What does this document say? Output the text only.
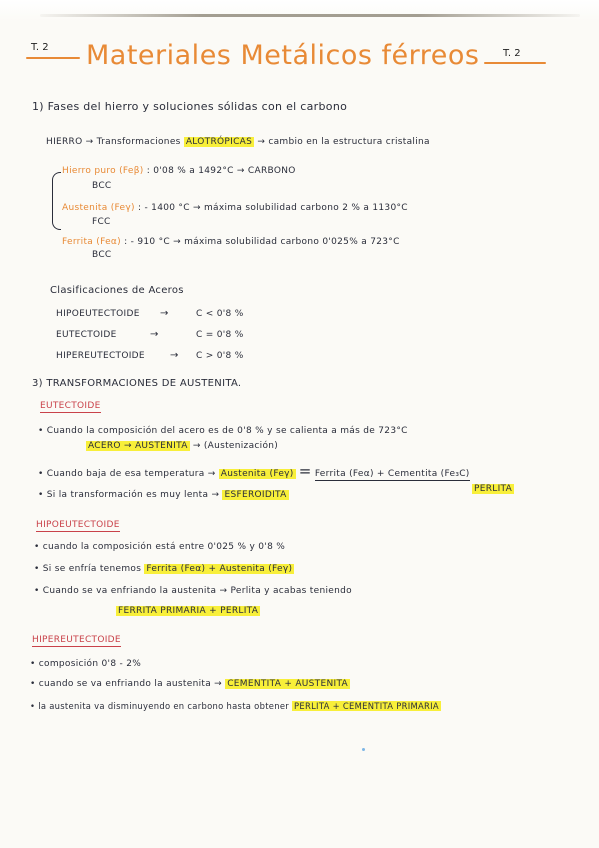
T. 2 Materiales Metálicos férreos T. 2
1) Fases del hierro y soluciones sólidas con el carbono
HIERRO → Transformaciones ALOTRÓPICAS → cambio en la estructura cristalina
Hierro puro (Feβ) : 0'08 % a 1492°C → CARBONO
BCC
Austenita (Feγ) : - 1400 °C → máxima solubilidad carbono 2 % a 1130°C
FCC
Ferrita (Feα) : - 910 °C → máxima solubilidad carbono 0'025% a 723°C
BCC
Clasificaciones de Aceros
HIPOEUTECTOIDE →	C < 0'8 %
EUTECTOIDE	→	C = 0'8 %
HIPEREUTECTOIDE	→ C > 0'8 %
3) TRANSFORMACIONES DE AUSTENITA.
EUTECTOIDE
• Cuando la composición del acero es de 0'8 % y se calienta a más de 723°C
ACERO → AUSTENITA → (Austenización)
• Cuando baja de esa temperatura → Austenita (Feγ) = Ferrita (Feα) + Cementita (Fe₃C)
PERLITA
• Si la transformación es muy lenta → ESFEROIDITA
HIPOEUTECTOIDE
• cuando la composición está entre 0'025 % y 0'8 %
• Si se enfría tenemos Ferrita (Feα) + Austenita (Feγ)
• Cuando se va enfriando la austenita → Perlita y acabas teniendo
FERRITA PRIMARIA + PERLITA
HIPEREUTECTOIDE
• composición 0'8 - 2%
• cuando se va enfriando la austenita → CEMENTITA + AUSTENITA
• la austenita va disminuyendo en carbono hasta obtener PERLITA + CEMENTITA PRIMARIA
